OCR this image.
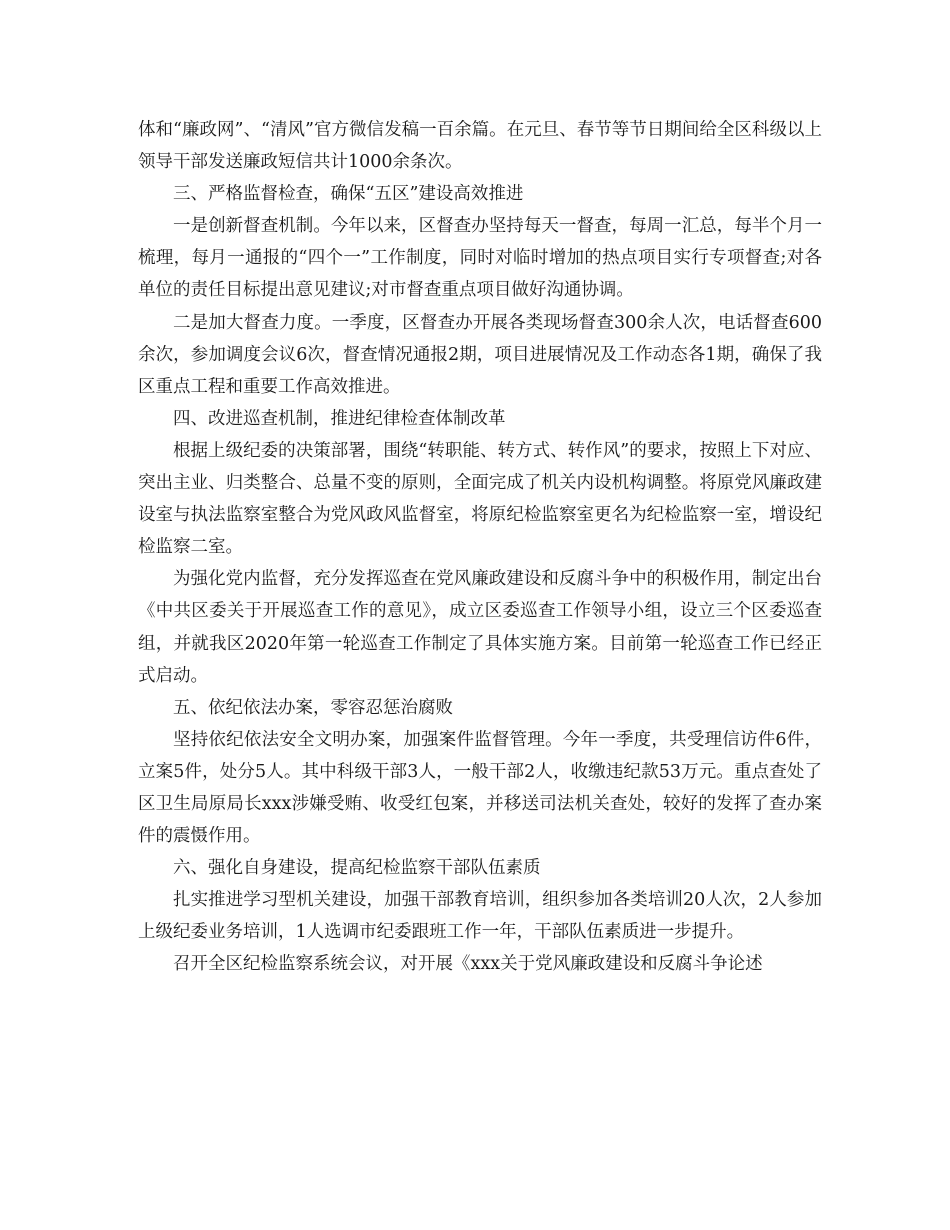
体和“廉政网”、“清风”官方微信发稿一百余篇。在元旦、春节等节日期间给全区科级以上领导干部发送廉政短信共计1000余条次。

三、严格监督检查，确保“五区”建设高效推进

一是创新督查机制。今年以来，区督查办坚持每天一督查，每周一汇总，每半个月一梳理，每月一通报的“四个一”工作制度，同时对临时增加的热点项目实行专项督查;对各单位的责任目标提出意见建议;对市督查重点项目做好沟通协调。

二是加大督查力度。一季度，区督查办开展各类现场督查300余人次，电话督查600余次，参加调度会议6次，督查情况通报2期，项目进展情况及工作动态各1期，确保了我区重点工程和重要工作高效推进。

四、改进巡查机制，推进纪律检查体制改革

根据上级纪委的决策部署，围绕“转职能、转方式、转作风”的要求，按照上下对应、突出主业、归类整合、总量不变的原则，全面完成了机关内设机构调整。将原党风廉政建设室与执法监察室整合为党风政风监督室，将原纪检监察室更名为纪检监察一室，增设纪检监察二室。

为强化党内监督，充分发挥巡查在党风廉政建设和反腐斗争中的积极作用，制定出台《中共区委关于开展巡查工作的意见》，成立区委巡查工作领导小组，设立三个区委巡查组，并就我区2020年第一轮巡查工作制定了具体实施方案。目前第一轮巡查工作已经正式启动。

五、依纪依法办案，零容忍惩治腐败

坚持依纪依法安全文明办案，加强案件监督管理。今年一季度，共受理信访件6件，立案5件，处分5人。其中科级干部3人，一般干部2人，收缴违纪款53万元。重点查处了区卫生局原局长xxx涉嫌受贿、收受红包案，并移送司法机关查处，较好的发挥了查办案件的震慑作用。

六、强化自身建设，提高纪检监察干部队伍素质

扎实推进学习型机关建设，加强干部教育培训，组织参加各类培训20人次，2人参加上级纪委业务培训，1人选调市纪委跟班工作一年，干部队伍素质进一步提升。

召开全区纪检监察系统会议，对开展《xxx关于党风廉政建设和反腐斗争论述
